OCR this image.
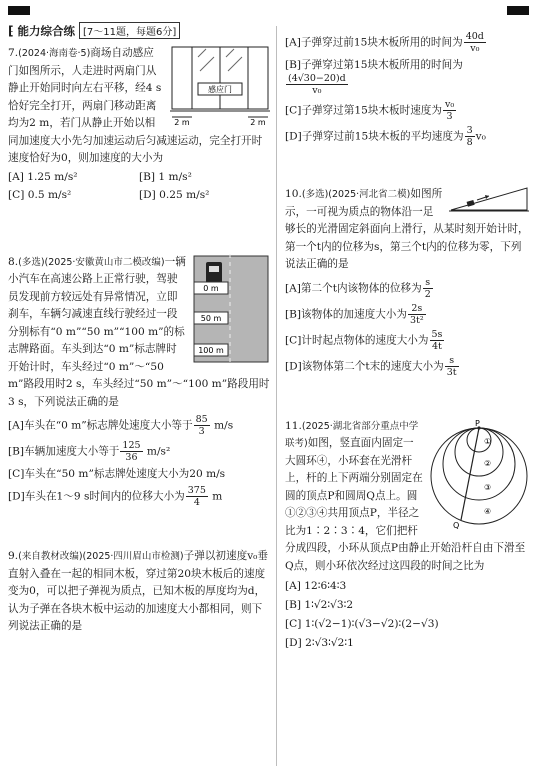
⁅ 能力综合练 [7～11题，每题6分]
感应门
2 m	2 m
7.(2024·海南卷·5)商场自动感应门如图所示，人走进时两扇门从静止开始同时向左右平移，经4 s恰好完全打开，两扇门移动距离均为2 m，若门从静止开始以相同加速度大小先匀加速运动后匀减速运动，完全打开时速度恰好为0，则加速度的大小为
[A] 1.25 m/s²	[B] 1 m/s²
[C] 0.5 m/s²	[D] 0.25 m/s²
0 m
50 m
100 m
8.(多选)(2025·安徽黄山市二模改编)一辆小汽车在高速公路上正常行驶，驾驶员发现前方较远处有异常情况，立即刹车，车辆匀减速直线行驶经过一段分别标有“0 m”“50 m”“100 m”的标志牌路面。车头到达“0 m”标志牌时开始计时，车头经过“0 m”～“50 m”路段用时2 s，车头经过“50 m”～“100 m”路段用时3 s，下列说法正确的是
[A]车头在“0 m”标志牌处速度大小等于 $\frac{85}{3} m/s$
[B]车辆加速度大小等于 $\frac{125}{36} m/s^2$
[C]车头在“50 m”标志牌处速度大小为20 m/s
[D]车头在1～9 s时间内的位移大小为 $\frac{375}{4}$ m
9.(来自教材改编)(2025·四川眉山市检测)子弹以初速度v₀垂直射入叠在一起的相同木板，穿过第20块木板后的速度变为0，可以把子弹视为质点，已知木板的厚度均为d，认为子弹在各块木板中运动的加速度大小都相同，则下列说法正确的是
[A]子弹穿过前15块木板所用的时间为 $\frac{40d}{\text{v₀}}$
[B]子弹穿过第15块木板所用的时间为

$\frac{(4√30-20)d}{\text{v₀}}$
[C]子弹穿过第15块木板时速度为 $\frac{\text{v₀}}{3}$
[D]子弹穿过前15块木板的平均速度为 $\frac{3}{8} v_0$
10.(多选)(2025·河北省二模)如图所示，一可视为质点的物体沿一足够长的光滑固定斜面向上滑行，从某时刻开始计时，第一个t内的位移为s，第三个t内的位移为零，下列说法正确的是
[A]第二个t内该物体的位移为 $\frac{s}{2}$
[B]该物体的加速度大小为 $\frac{2s}{\text{3t²}}$
[C]计时起点物体的速度大小为 $\frac{5s}{4t}$
[D]该物体第二个t末的速度大小为 $\frac{s}{3t}$
P
①
②
③
④
Q
11.(2025·湖北省部分重点中学联考)如图，竖直面内固定一大圆环④，小环套在光滑杆上，杆的上下两端分别固定在圆的顶点P和圆周Q点上。圆①②③④共用顶点P，半径之比为1∶2∶3∶4，它们把杆分成四段，小环从顶点P由静止开始沿杆自由下滑至Q点，则小环依次经过这四段的时间之比为
[A] 12∶6∶4∶3
[B] 1∶√2∶√3∶2
[C] 1∶(√2−1)∶(√3−√2)∶(2−√3)
[D] 2∶√3∶√2∶1
